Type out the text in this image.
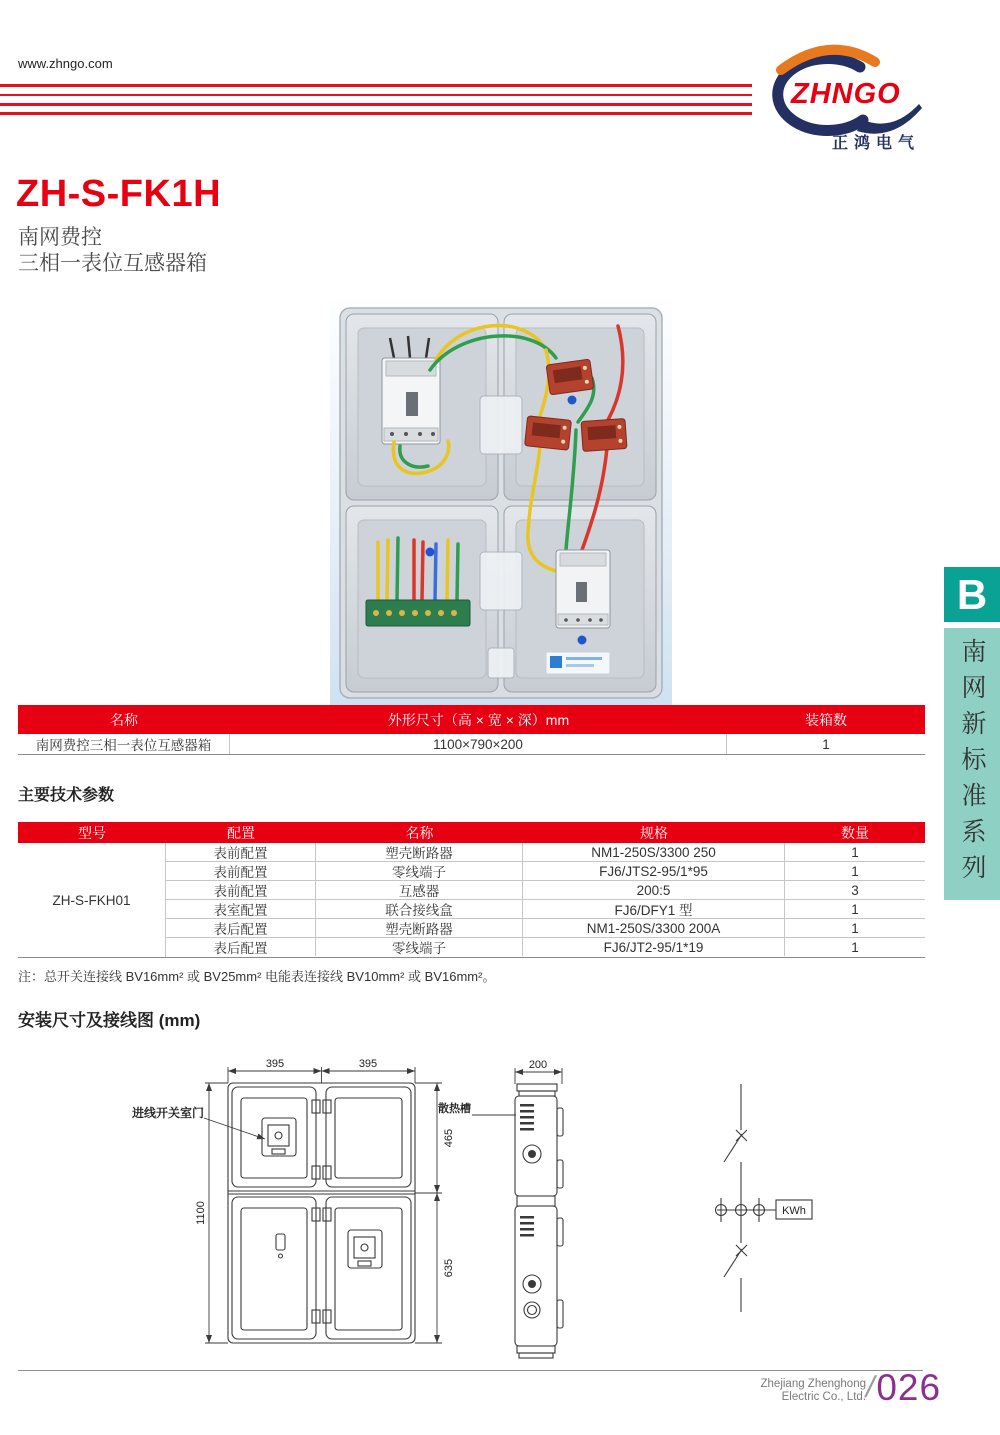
www.zhngo.com
ZHNGO
正鸿电气
ZH-S-FK1H
南网费控
三相一表位互感器箱
名称	外形尺寸（高 × 宽 × 深）mm	装箱数
南网费控三相一表位互感器箱	1100×790×200	1
主要技术参数
型号	配置	名称	规格	数量
ZH-S-FKH01
表前配置	塑壳断路器	NM1-250S/3300 250	1
表前配置	零线端子	FJ6/JTS2-95/1*95	1
表前配置	互感器	200:5	3
表室配置	联合接线盒	FJ6/DFY1 型	1
表后配置	塑壳断路器	NM1-250S/3300 200A	1
表后配置	零线端子	FJ6/JT2-95/1*19	1
注：总开关连接线 BV16mm² 或 BV25mm² 电能表连接线 BV10mm² 或 BV16mm²。
安装尺寸及接线图 (mm)
395	395
1100
465
635
200
进线开关室门	散热槽
KWh
B
南网新标准系列
Zhejiang Zhenghong
Electric Co., Ltd.
/
026
